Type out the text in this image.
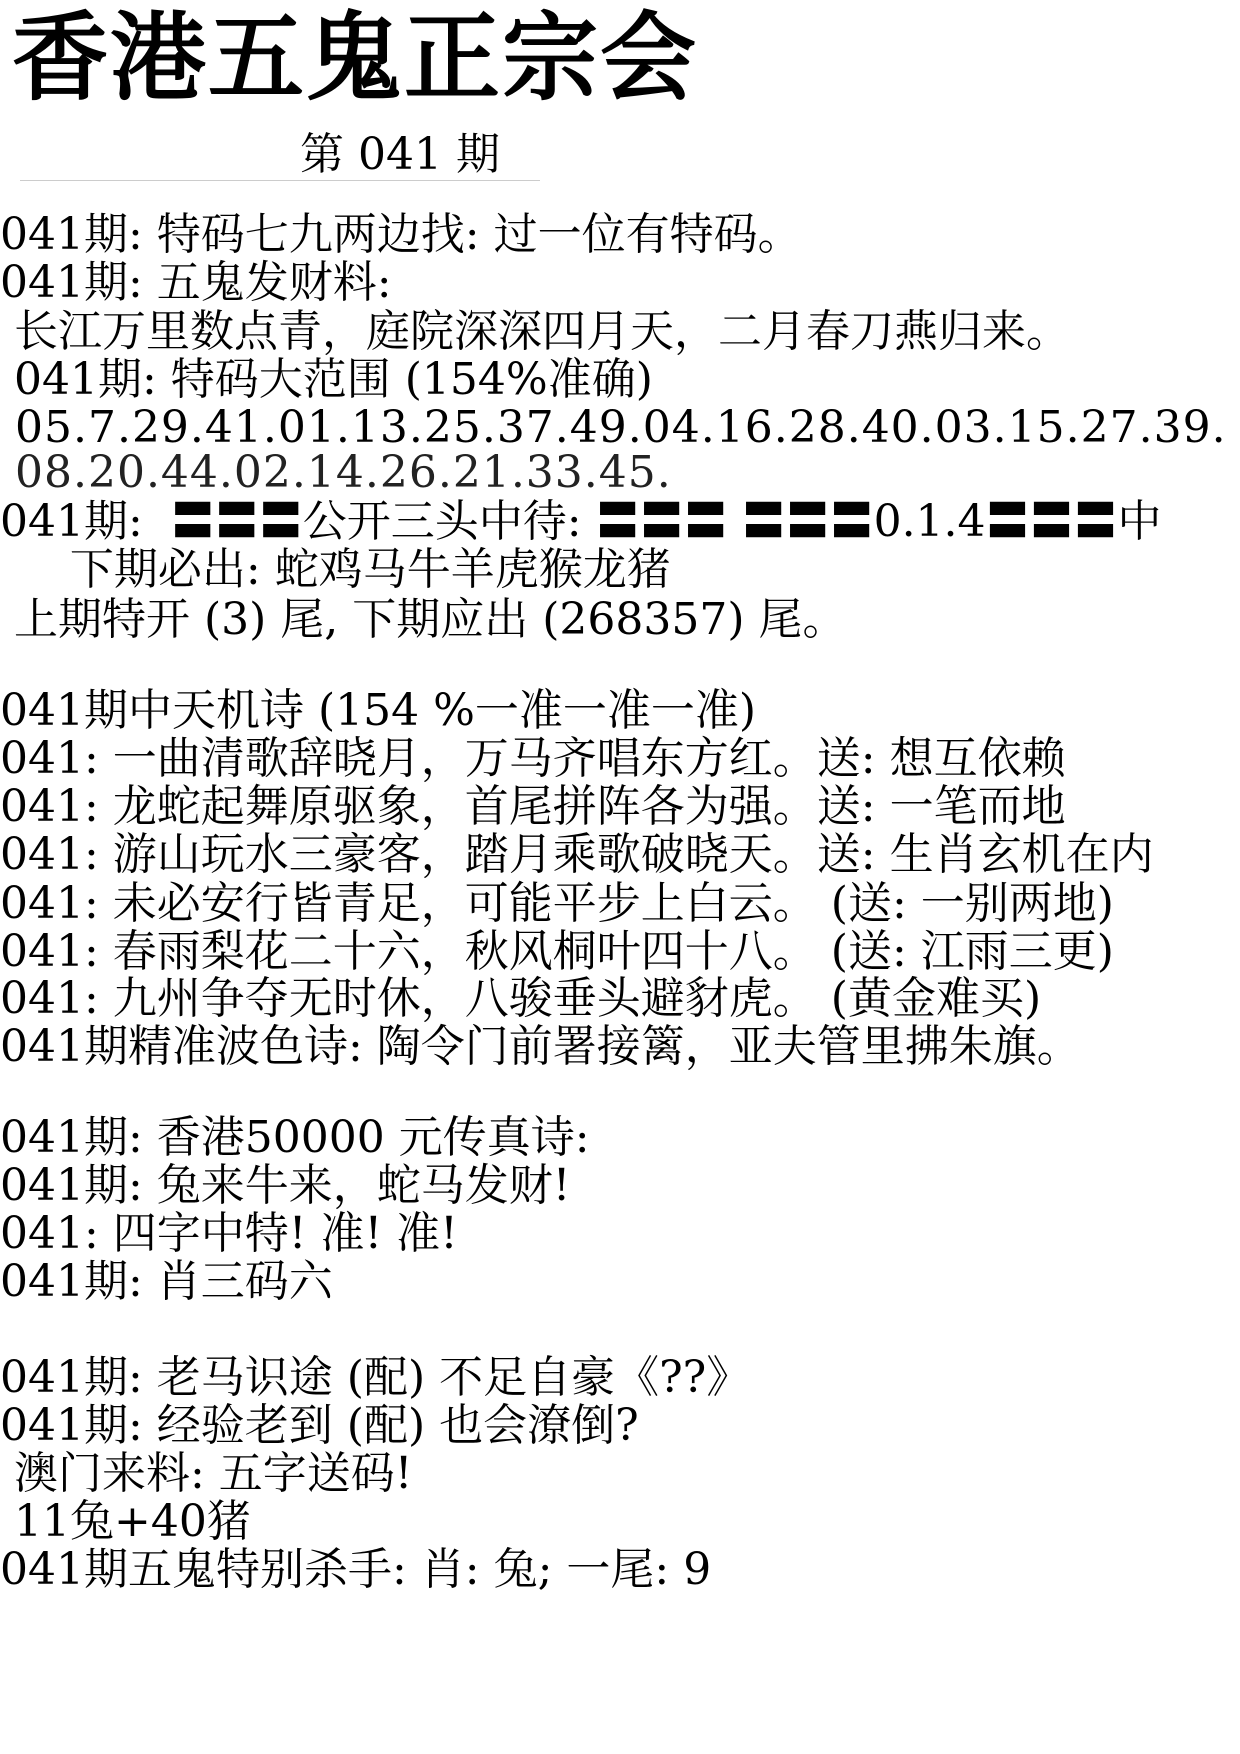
香港五鬼正宗会
第 041 期
041期: 特码七九两边找: 过一位有特码。
041期: 五鬼发财料:
长江万里数点青，庭院深深四月天，二月春刀燕归来。
041期: 特码大范围 (154%准确)
05.7.29.41.01.13.25.37.49.04.16.28.40.03.15.27.39.
08.20.44.02.14.26.21.33.45.
041期:  〓〓〓公开三头中待: 〓〓〓 〓〓〓0.1.4〓〓〓中
下期必出: 蛇鸡马牛羊虎猴龙猪
上期特开 (3) 尾, 下期应出 (268357) 尾。
041期中天机诗 (154 %一准一准一准)
041: 一曲清歌辞晓月，万马齐唱东方红。送: 想互依赖
041: 龙蛇起舞原驱象，首尾拼阵各为强。送: 一笔而地
041: 游山玩水三豪客，踏月乘歌破晓天。送: 生肖玄机在内
041: 未必安行皆青足，可能平步上白云。 (送: 一别两地)
041: 春雨梨花二十六，秋风桐叶四十八。 (送: 江雨三更)
041: 九州争夺无时休，八骏垂头避豺虎。 (黄金难买)
041期精准波色诗: 陶令门前署接篱，亚夫管里拂朱旗。
041期: 香港50000 元传真诗:
041期: 兔来牛来，蛇马发财!
041: 四字中特! 准! 准!
041期: 肖三码六
041期: 老马识途 (配) 不足自豪《??》
041期: 经验老到 (配) 也会潦倒?
澳门来料: 五字送码!
11兔+40猪
041期五鬼特别杀手: 肖: 兔; 一尾: 9
